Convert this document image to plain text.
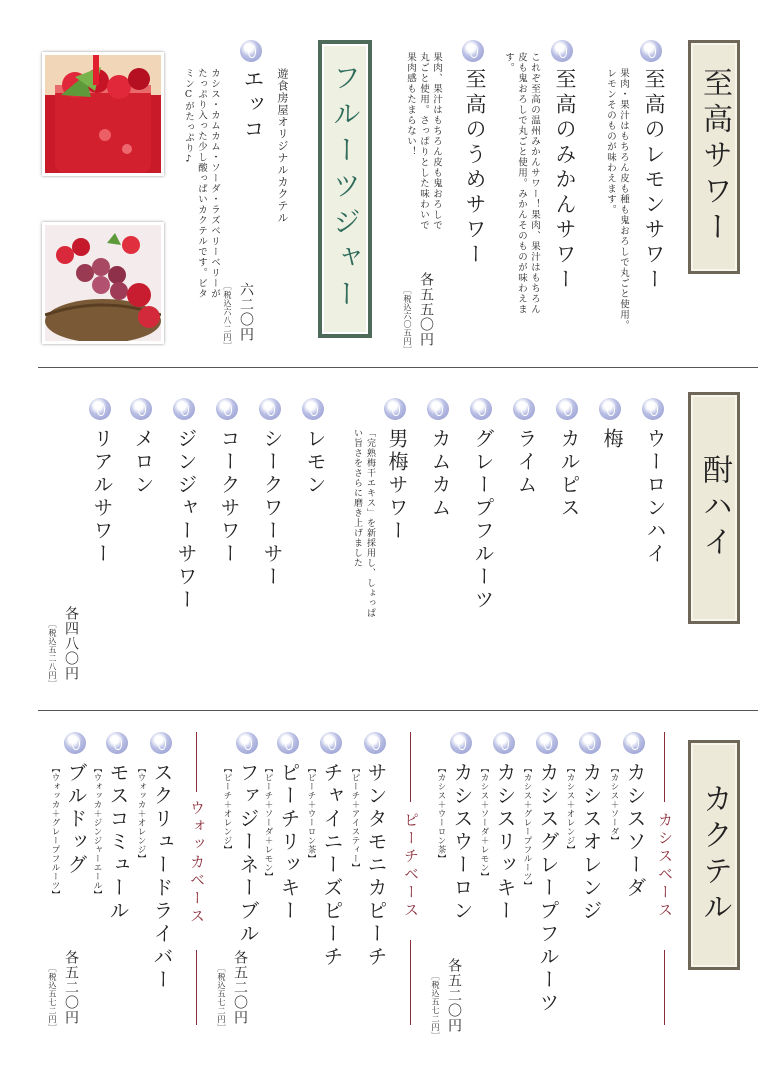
至高サワー
至高のレモンサワー
果肉・果汁はもちろん皮も種も鬼おろしで丸ごと使用。レモンそのものが味わえます。
至高のみかんサワー
これぞ至高の温州みかんサワー！果肉、果汁はもちろん皮も鬼おろしで丸ごと使用。みかんそのものが味わえます。
至高のうめサワー
果肉、果汁はもちろん皮も鬼おろしで丸ごと使用。さっぱりとした味わいで果肉感もたまらない！
各五五〇円
［税込六〇五円］
フルーツジャー
エッコ 遊食房屋オリジナルカクテル
カシス・カムカム・ソーダ・ラズベリーベリーがたっぷり入った少し酸っぱいカクテルです。ビタミンCがたっぷり♪
六二〇円
［税込六八二円］
酎ハイ
ウーロンハイ
梅
カルピス
ライム
グレープフルーツ
カムカム
男梅サワー
「完熟梅干エキス」を新採用し、しょっぱい旨さをさらに磨き上げました
レモン
シークワーサー
コークサワー
ジンジャーサワー
メロン
リアルサワー
各四八〇円
［税込五二八円］
カクテル
カシスベース
カシスソーダ
【カシス＋ソーダ】
カシスオレンジ
【カシス＋オレンジ】
カシスグレープフルーツ
【カシス＋グレープフルーツ】
カシスリッキー
【カシス＋ソーダ＋レモン】
カシスウーロン
【カシス＋ウーロン茶】
各五二〇円
［税込五七二円］
ピーチベース
サンタモニカピーチ
【ピーチ＋アイスティー】
チャイニーズピーチ
【ピーチ＋ウーロン茶】
ピーチリッキー
【ピーチ＋ソーダ＋レモン】
ファジーネーブル
【ピーチ＋オレンジ】
各五二〇円
［税込五七二円］
ウォッカベース
スクリュードライバー
【ウォッカ＋オレンジ】
モスコミュール
【ウォッカ＋ジンジャーエール】
ブルドッグ
【ウォッカ＋グレープフルーツ】
各五二〇円
［税込五七二円］
